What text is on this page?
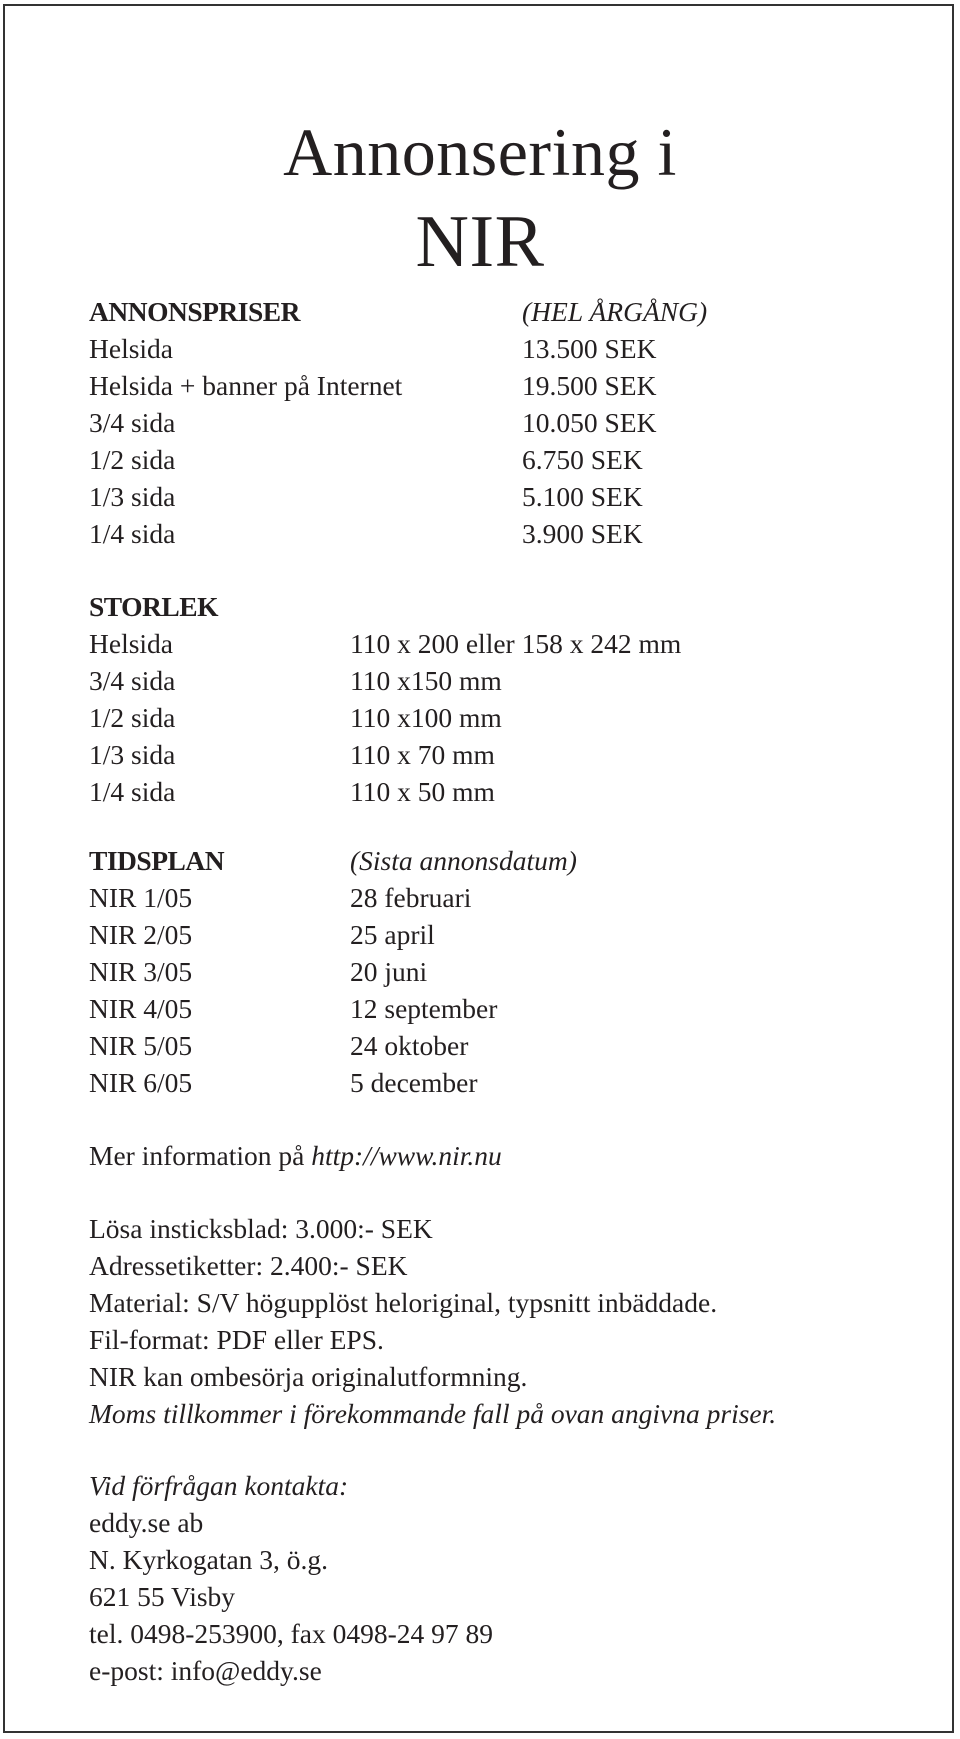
Annonsering i
NIR
ANNONSPRISER	(HEL ÅRGÅNG)
Helsida	13.500 SEK
Helsida + banner på Internet	19.500 SEK
3/4 sida	10.050 SEK
1/2 sida	6.750 SEK
1/3 sida	5.100 SEK
1/4 sida	3.900 SEK
STORLEK
Helsida	110 x 200 eller 158 x 242 mm
3/4 sida	110 x150 mm
1/2 sida	110 x100 mm
1/3 sida	110 x 70 mm
1/4 sida	110 x 50 mm
TIDSPLAN	(Sista annonsdatum)
NIR 1/05	28 februari
NIR 2/05	25 april
NIR 3/05	20 juni
NIR 4/05	12 september
NIR 5/05	24 oktober
NIR 6/05	5 december
Mer information på http://www.nir.nu
Lösa insticksblad: 3.000:- SEK
Adressetiketter: 2.400:- SEK
Material: S/V högupplöst heloriginal, typsnitt inbäddade.
Fil-format: PDF eller EPS.
NIR kan ombesörja originalutformning.
Moms tillkommer i förekommande fall på ovan angivna priser.
Vid förfrågan kontakta:
eddy.se ab
N. Kyrkogatan 3, ö.g.
621 55 Visby
tel. 0498-253900, fax 0498-24 97 89
e-post: info@eddy.se
